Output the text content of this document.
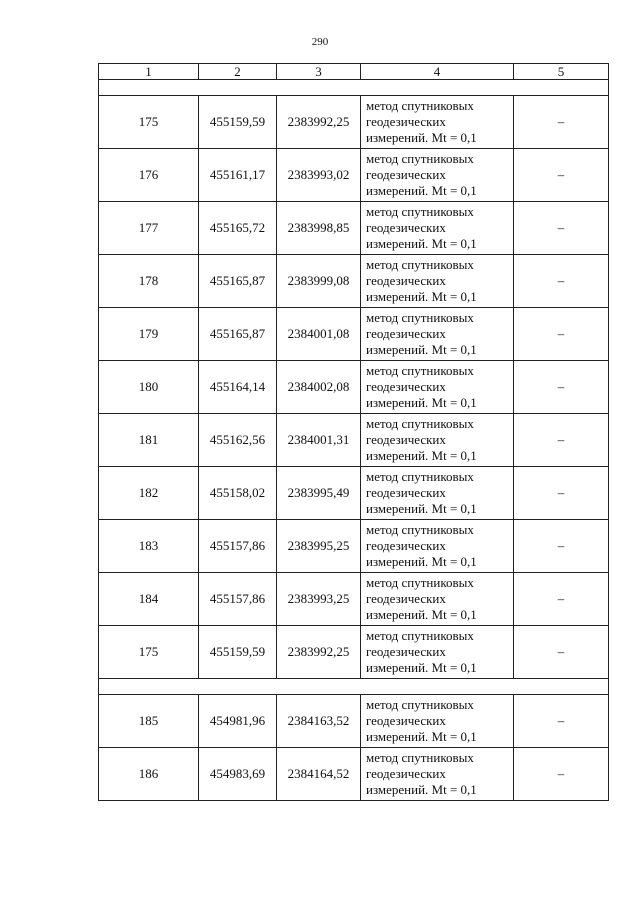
290
1	2	3	4	5

175	455159,59	2383992,25	метод спутниковых
геодезических
измерений. Mt = 0,1	–
176	455161,17	2383993,02	метод спутниковых
геодезических
измерений. Mt = 0,1	–
177	455165,72	2383998,85	метод спутниковых
геодезических
измерений. Mt = 0,1	–
178	455165,87	2383999,08	метод спутниковых
геодезических
измерений. Mt = 0,1	–
179	455165,87	2384001,08	метод спутниковых
геодезических
измерений. Mt = 0,1	–
180	455164,14	2384002,08	метод спутниковых
геодезических
измерений. Mt = 0,1	–
181	455162,56	2384001,31	метод спутниковых
геодезических
измерений. Mt = 0,1	–
182	455158,02	2383995,49	метод спутниковых
геодезических
измерений. Mt = 0,1	–
183	455157,86	2383995,25	метод спутниковых
геодезических
измерений. Mt = 0,1	–
184	455157,86	2383993,25	метод спутниковых
геодезических
измерений. Mt = 0,1	–
175	455159,59	2383992,25	метод спутниковых
геодезических
измерений. Mt = 0,1	–

185	454981,96	2384163,52	метод спутниковых
геодезических
измерений. Mt = 0,1	–
186	454983,69	2384164,52	метод спутниковых
геодезических
измерений. Mt = 0,1	–
